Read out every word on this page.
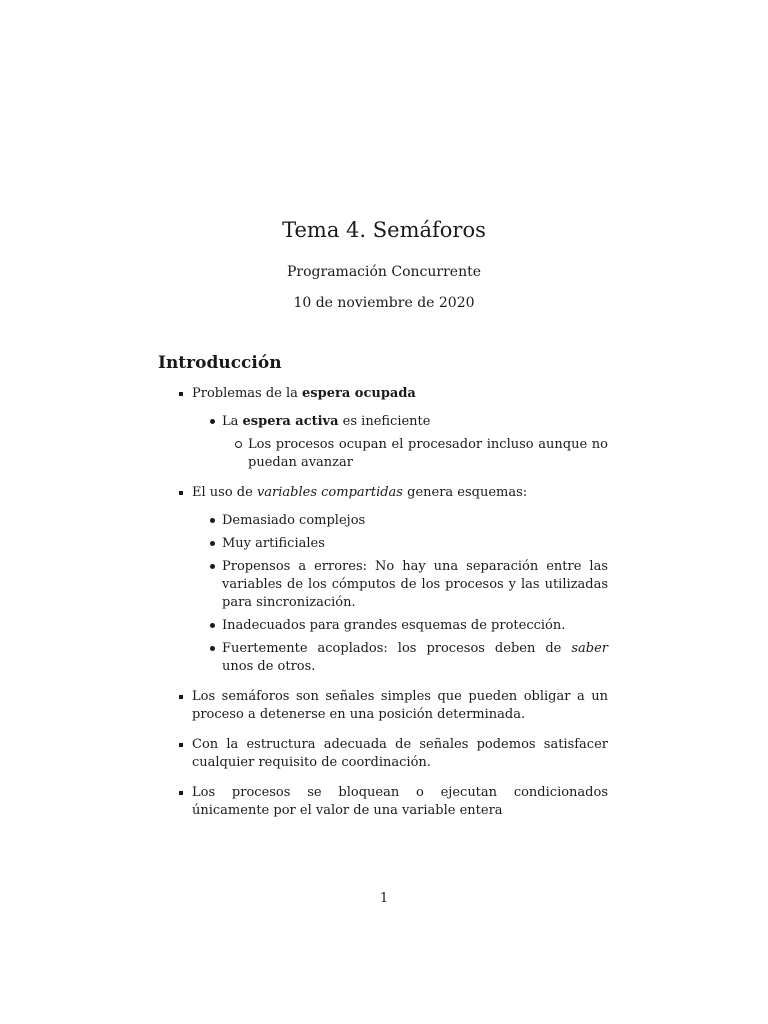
Tema 4. Semáforos
Programación Concurrente
10 de noviembre de 2020
Introducción
Problemas de la espera ocupada
La espera activa es ineficiente
Los procesos ocupan el procesador incluso aunque no puedan avanzar
El uso de variables compartidas genera esquemas:
Demasiado complejos
Muy artificiales
Propensos a errores: No hay una separación entre las variables de los cómputos de los procesos y las utilizadas para sincronización.
Inadecuados para grandes esquemas de protección.
Fuertemente acoplados: los procesos deben de saber unos de otros.
Los semáforos son señales simples que pueden obligar a un proceso a detenerse en una posición determinada.
Con la estructura adecuada de señales podemos satisfacer cualquier requisito de coordinación.
Los procesos se bloquean o ejecutan condicionados únicamente por el valor de una variable entera
1
